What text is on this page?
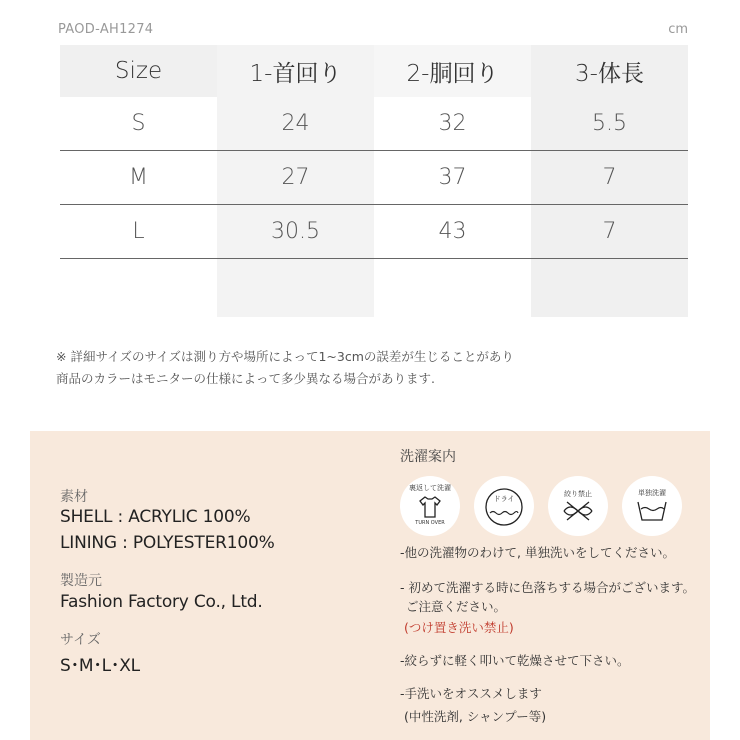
PAOD-AH1274	cm
Size	1-首回り	2-胴回り	3-体長
S	24	32	5.5
M	27	37	7
L	30.5	43	7
※ 詳細サイズのサイズは測り方や場所によって1~3cmの誤差が生じることがあり
商品のカラーはモニターの仕様によって多少異なる場合があります.
素材
SHELL : ACRYLIC 100%
LINING : POLYESTER100%
製造元
Fashion Factory Co., Ltd.
サイズ
S･M･L･XL
洗濯案内
裏返して洗濯
TURN OVER
ドライ
絞り禁止	単独洗濯
-他の洗濯物のわけて, 単独洗いをしてください。
- 初めて洗濯する時に色落ちする場合がございます。
ご注意ください。
(つけ置き洗い禁止)
-絞らずに軽く叩いて乾燥させて下さい。
-手洗いをオススメします
(中性洗剤, シャンプー等)
